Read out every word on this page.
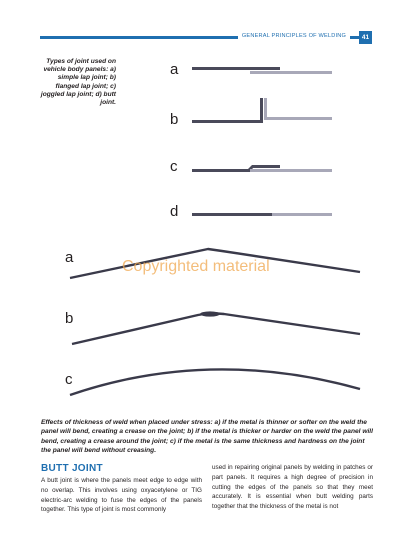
GENERAL PRINCIPLES OF WELDING	41
Types of joint used on vehicle body panels: a) simple lap joint; b) flanged lap joint; c) joggled lap joint; d) butt joint.
a
b
c
d
a
b
c
Copyrighted material
Effects of thickness of weld when placed under stress: a) if the metal is thinner or softer on the weld the panel will bend, creating a crease on the joint; b) if the metal is thicker or harder on the weld the panel will bend, creating a crease around the joint; c) if the metal is the same thickness and hardness on the joint the panel will bend without creasing.
BUTT JOINT
A butt joint is where the panels meet edge to edge with no overlap. This involves using oxyacetylene or TIG electric-arc welding to fuse the edges of the panels together. This type of joint is most commonly
used in repairing original panels by welding in patches or part panels. It requires a high degree of precision in cutting the edges of the panels so that they meet accurately. It is essential when butt welding parts together that the thickness of the metal is not
